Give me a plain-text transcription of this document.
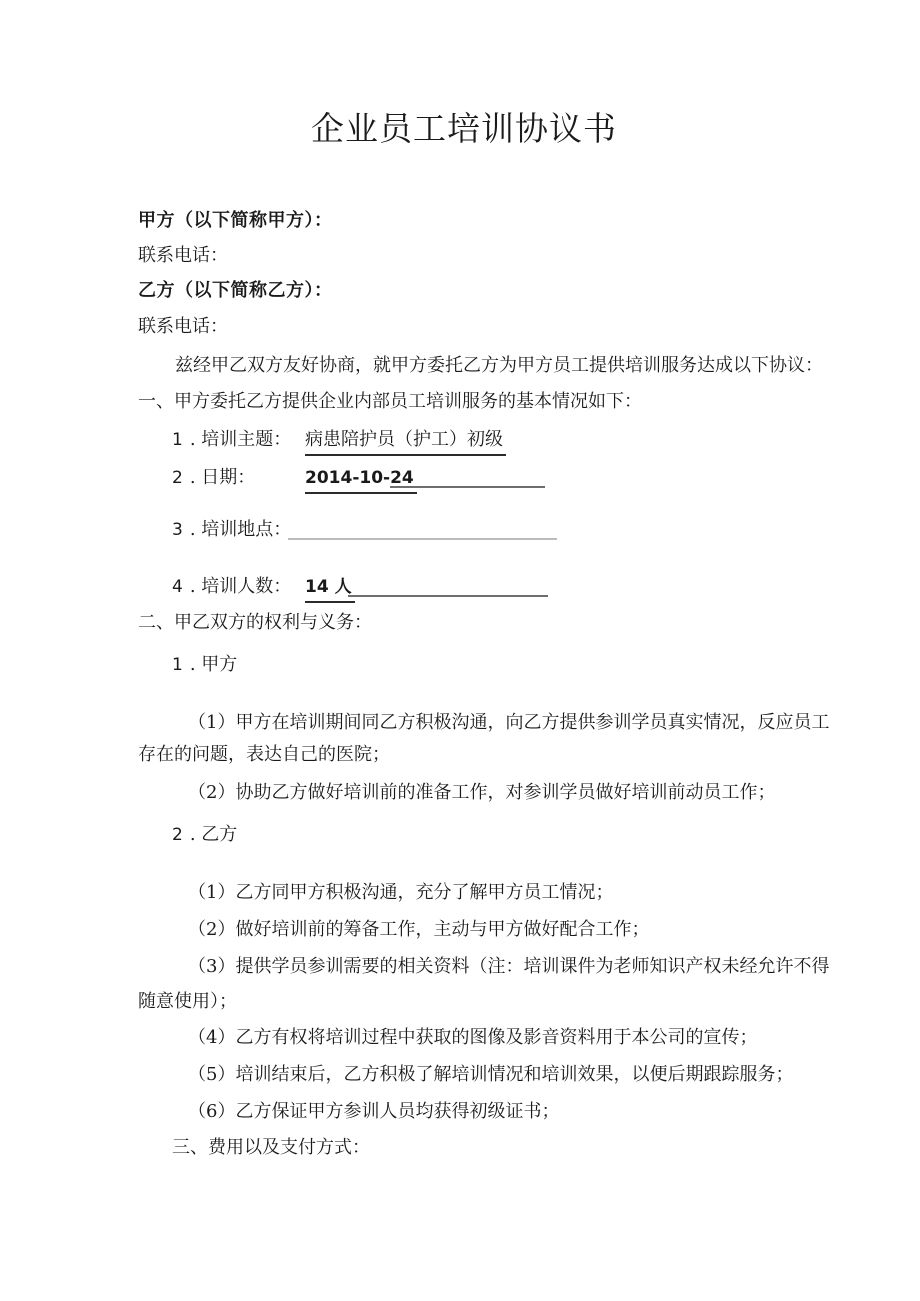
企业员工培训协议书
甲方（以下简称甲方）：
联系电话：
乙方（以下简称乙方）：
联系电话：
兹经甲乙双方友好协商，就甲方委托乙方为甲方员工提供培训服务达成以下协议：
一、甲方委托乙方提供企业内部员工培训服务的基本情况如下：
1 . 培训主题： 病患陪护员（护工）初级
2 . 日期：	2014-10-24
3 . 培训地点：
4 . 培训人数： 14 人
二、甲乙双方的权利与义务：
1 . 甲方
（1）甲方在培训期间同乙方积极沟通，向乙方提供参训学员真实情况，反应员工
存在的问题，表达自己的医院；
（2）协助乙方做好培训前的准备工作，对参训学员做好培训前动员工作；
2 . 乙方
（1）乙方同甲方积极沟通，充分了解甲方员工情况；
（2）做好培训前的筹备工作，主动与甲方做好配合工作；
（3）提供学员参训需要的相关资料（注：培训课件为老师知识产权未经允许不得
随意使用）；
（4）乙方有权将培训过程中获取的图像及影音资料用于本公司的宣传；
（5）培训结束后，乙方积极了解培训情况和培训效果，以便后期跟踪服务；
（6）乙方保证甲方参训人员均获得初级证书；
三、费用以及支付方式：
